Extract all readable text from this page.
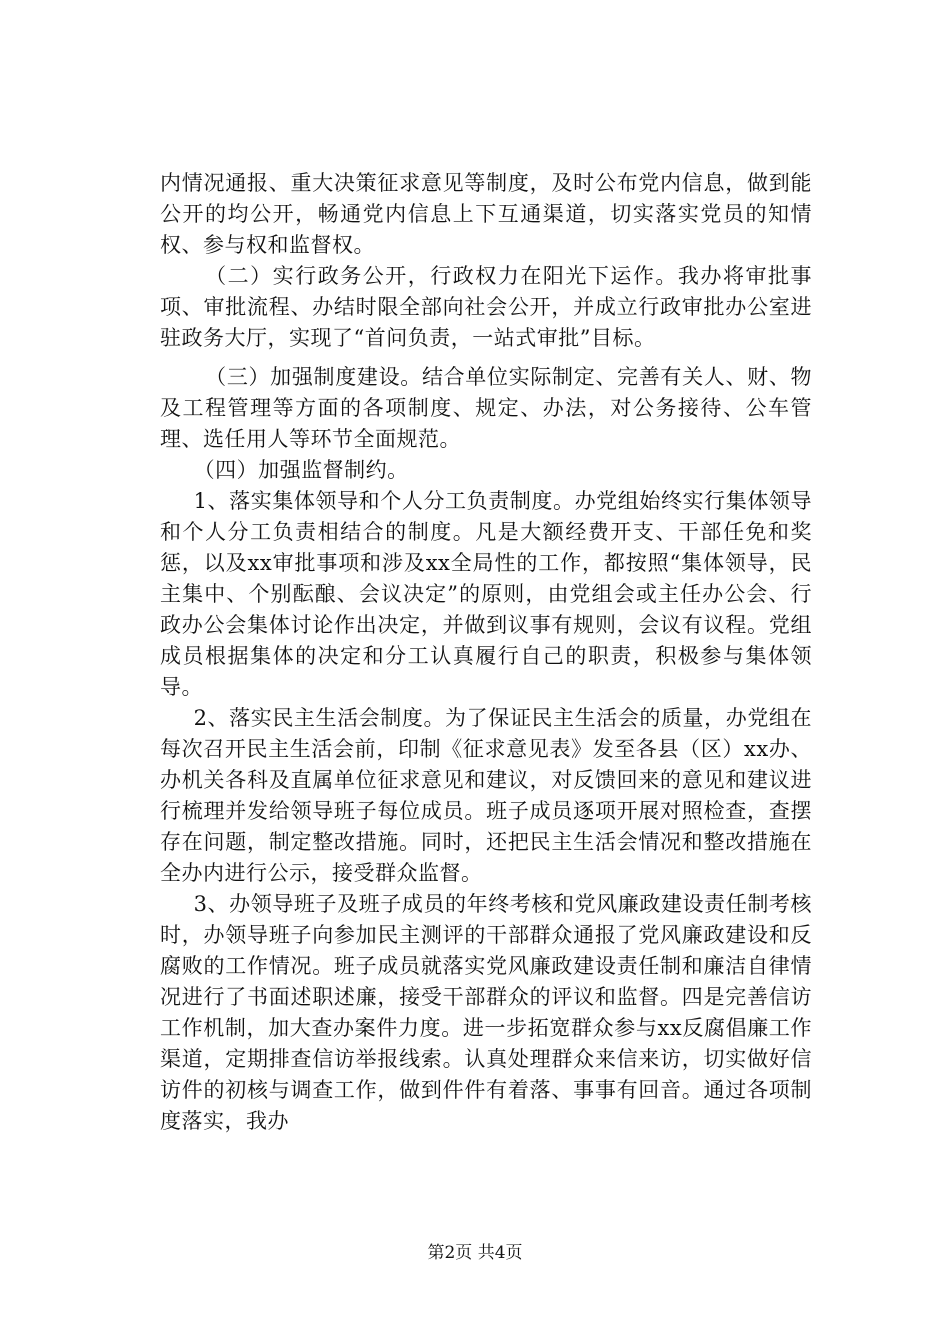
内情况通报、重大决策征求意见等制度，及时公布党内信息，做到能公开的均公开，畅通党内信息上下互通渠道，切实落实党员的知情权、参与权和监督权。

（二）实行政务公开，行政权力在阳光下运作。我办将审批事项、审批流程、办结时限全部向社会公开，并成立行政审批办公室进驻政务大厅，实现了“首问负责，一站式审批”目标。

（三）加强制度建设。结合单位实际制定、完善有关人、财、物及工程管理等方面的各项制度、规定、办法，对公务接待、公车管理、选任用人等环节全面规范。

（四）加强监督制约。

1、落实集体领导和个人分工负责制度。办党组始终实行集体领导和个人分工负责相结合的制度。凡是大额经费开支、干部任免和奖惩，以及xx审批事项和涉及xx全局性的工作，都按照“集体领导，民主集中、个别酝酿、会议决定”的原则，由党组会或主任办公会、行政办公会集体讨论作出决定，并做到议事有规则，会议有议程。党组成员根据集体的决定和分工认真履行自己的职责，积极参与集体领导。

2、落实民主生活会制度。为了保证民主生活会的质量，办党组在每次召开民主生活会前，印制《征求意见表》发至各县（区）xx办、办机关各科及直属单位征求意见和建议，对反馈回来的意见和建议进行梳理并发给领导班子每位成员。班子成员逐项开展对照检查，查摆存在问题，制定整改措施。同时，还把民主生活会情况和整改措施在全办内进行公示，接受群众监督。

3、办领导班子及班子成员的年终考核和党风廉政建设责任制考核时，办领导班子向参加民主测评的干部群众通报了党风廉政建设和反腐败的工作情况。班子成员就落实党风廉政建设责任制和廉洁自律情况进行了书面述职述廉，接受干部群众的评议和监督。四是完善信访工作机制，加大查办案件力度。进一步拓宽群众参与xx反腐倡廉工作渠道，定期排查信访举报线索。认真处理群众来信来访，切实做好信访件的初核与调查工作，做到件件有着落、事事有回音。通过各项制度落实，我办

第2页 共4页
